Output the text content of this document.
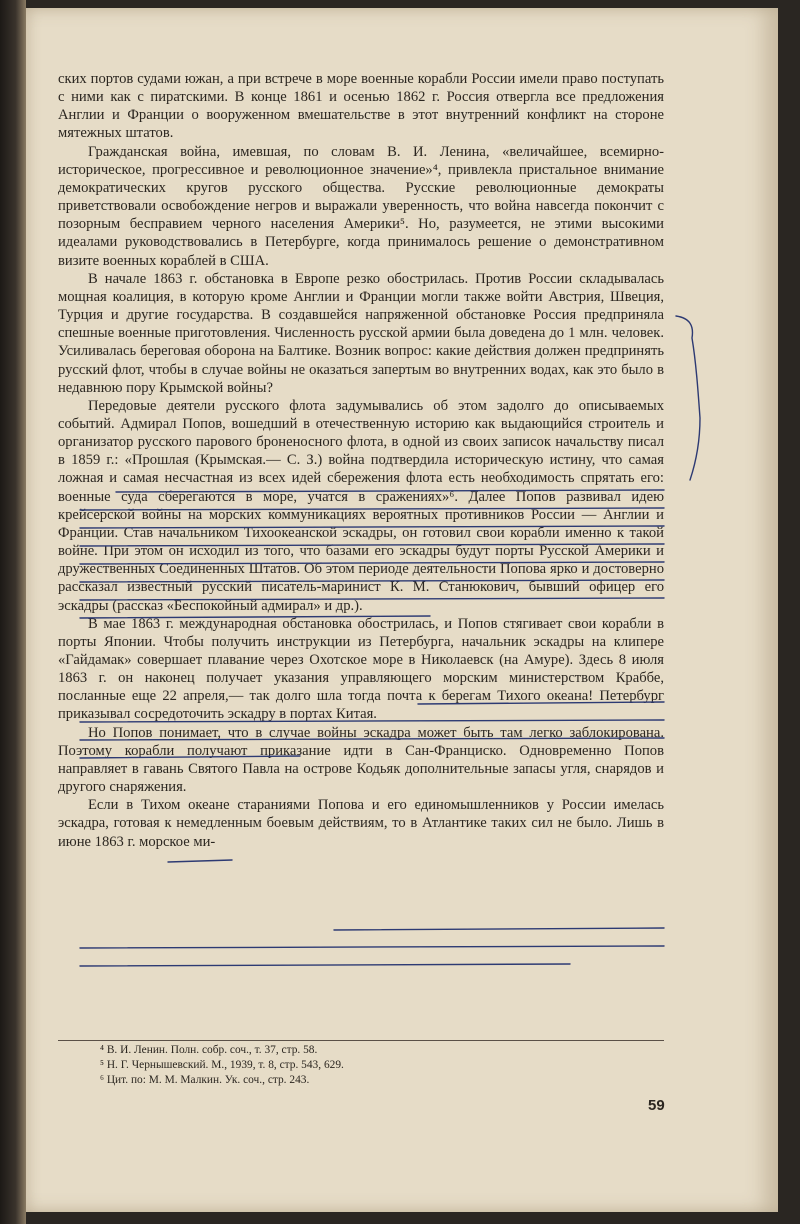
ских портов судами южан, а при встрече в море военные корабли России имели право поступать с ними как с пиратскими. В конце 1861 и осенью 1862 г. Россия отвергла все предложения Англии и Франции о вооруженном вмешательстве в этот внутренний конфликт на стороне мятежных штатов.

Гражданская война, имевшая, по словам В. И. Ленина, «величайшее, всемирно-историческое, прогрессивное и революционное значение»⁴, привлекла пристальное внимание демократических кругов русского общества. Русские революционные демократы приветствовали освобождение негров и выражали уверенность, что война навсегда покончит с позорным бесправием черного населения Америки⁵. Но, разумеется, не этими высокими идеалами руководствовались в Петербурге, когда принималось решение о демонстративном визите военных кораблей в США.

В начале 1863 г. обстановка в Европе резко обострилась. Против России складывалась мощная коалиция, в которую кроме Англии и Франции могли также войти Австрия, Швеция, Турция и другие государства. В создавшейся напряженной обстановке Россия предприняла спешные военные приготовления. Численность русской армии была доведена до 1 млн. человек. Усиливалась береговая оборона на Балтике. Возник вопрос: какие действия должен предпринять русский флот, чтобы в случае войны не оказаться запертым во внутренних водах, как это было в недавнюю пору Крымской войны?

Передовые деятели русского флота задумывались об этом задолго до описываемых событий. Адмирал Попов, вошедший в отечественную историю как выдающийся строитель и организатор русского парового броненосного флота, в одной из своих записок начальству писал в 1859 г.: «Прошлая (Крымская.— С. З.) война подтвердила историческую истину, что самая ложная и самая несчастная из всех идей сбережения флота есть необходимость спрятать его: военные суда сберегаются в море, учатся в сражениях»⁶. Далее Попов развивал идею крейсерской войны на морских коммуникациях вероятных противников России — Англии и Франции. Став начальником Тихоокеанской эскадры, он готовил свои корабли именно к такой войне. При этом он исходил из того, что базами его эскадры будут порты Русской Америки и дружественных Соединенных Штатов. Об этом периоде деятельности Попова ярко и достоверно рассказал известный русский писатель-маринист К. М. Станюкович, бывший офицер его эскадры (рассказ «Беспокойный адмирал» и др.).

В мае 1863 г. международная обстановка обострилась, и Попов стягивает свои корабли в порты Японии. Чтобы получить инструкции из Петербурга, начальник эскадры на клипере «Гайдамак» совершает плавание через Охотское море в Николаевск (на Амуре). Здесь 8 июля 1863 г. он наконец получает указания управляющего морским министерством Краббе, посланные еще 22 апреля,— так долго шла тогда почта к берегам Тихого океана! Петербург приказывал сосредоточить эскадру в портах Китая.

Но Попов понимает, что в случае войны эскадра может быть там легко заблокирована. Поэтому корабли получают приказание идти в Сан-Франциско. Одновременно Попов направляет в гавань Святого Павла на острове Кодьяк дополнительные запасы угля, снарядов и другого снаряжения.

Если в Тихом океане стараниями Попова и его единомышленников у России имелась эскадра, готовая к немедленным боевым действиям, то в Атлантике таких сил не было. Лишь в июне 1863 г. морское ми-

⁴ В. И. Ленин. Полн. собр. соч., т. 37, стр. 58.
⁵ Н. Г. Чернышевский. М., 1939, т. 8, стр. 543, 629.
⁶ Цит. по: М. М. Малкин. Ук. соч., стр. 243.
59
